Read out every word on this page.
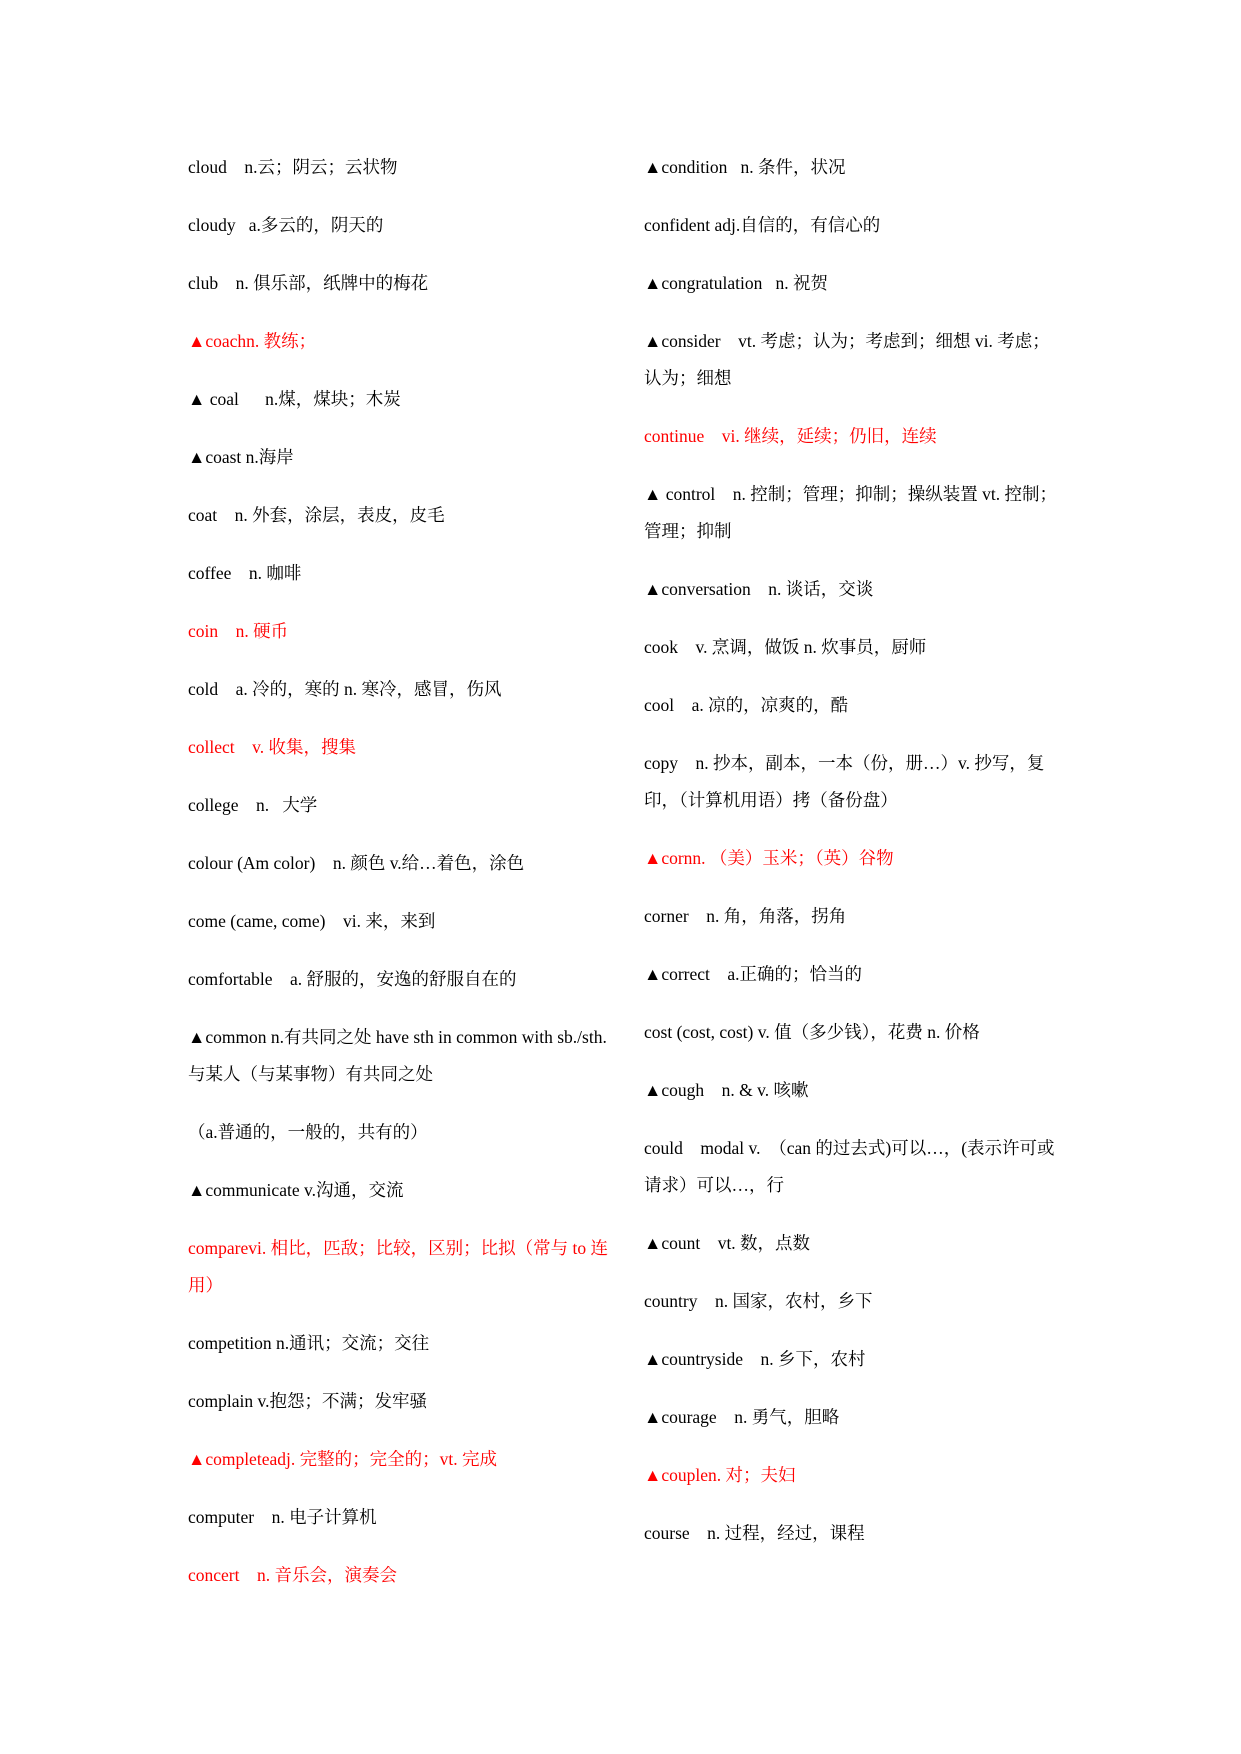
cloud    n.云；阴云；云状物

cloudy   a.多云的，阴天的

club    n. 俱乐部，纸牌中的梅花

▲coachn. 教练；

▲ coal      n.煤，煤块；木炭

▲coast n.海岸

coat    n. 外套，涂层，表皮，皮毛

coffee    n. 咖啡

coin    n. 硬币

cold    a. 冷的，寒的 n. 寒冷，感冒，伤风

collect    v. 收集，搜集

college    n.   大学

colour (Am color)    n. 颜色 v.给…着色，涂色

come (came, come)    vi. 来，来到

comfortable    a. 舒服的，安逸的舒服自在的

▲common n.有共同之处 have sth in common with sb./sth.与某人（与某事物）有共同之处

（a.普通的，一般的，共有的）

▲communicate v.沟通，交流

comparevi. 相比，匹敌；比较，区别；比拟（常与 to 连用）

competition n.通讯；交流；交往

complain v.抱怨；不满；发牢骚

▲completeadj. 完整的；完全的；vt. 完成

computer    n. 电子计算机

concert    n. 音乐会，演奏会

▲condition   n. 条件，状况

confident adj.自信的，有信心的

▲congratulation   n. 祝贺

▲consider    vt. 考虑；认为；考虑到；细想 vi. 考虑；认为；细想

continue    vi. 继续，延续；仍旧，连续

▲ control    n. 控制；管理；抑制；操纵装置 vt. 控制；管理；抑制

▲conversation    n. 谈话，交谈

cook    v. 烹调，做饭 n. 炊事员，厨师

cool    a. 凉的，凉爽的，酷

copy    n. 抄本，副本，一本（份，册…）v. 抄写，复印，（计算机用语）拷（备份盘）

▲cornn. （美）玉米；（英）谷物

corner    n. 角，角落，拐角

▲correct    a.正确的；恰当的

cost (cost, cost) v. 值（多少钱），花费 n. 价格

▲cough    n. & v. 咳嗽

could    modal v.  （can 的过去式)可以…，(表示许可或请求）可以…，行

▲count    vt. 数，点数

country    n. 国家，农村，乡下

▲countryside    n. 乡下，农村

▲courage    n. 勇气，胆略

▲couplen. 对；夫妇

course    n. 过程，经过，课程
